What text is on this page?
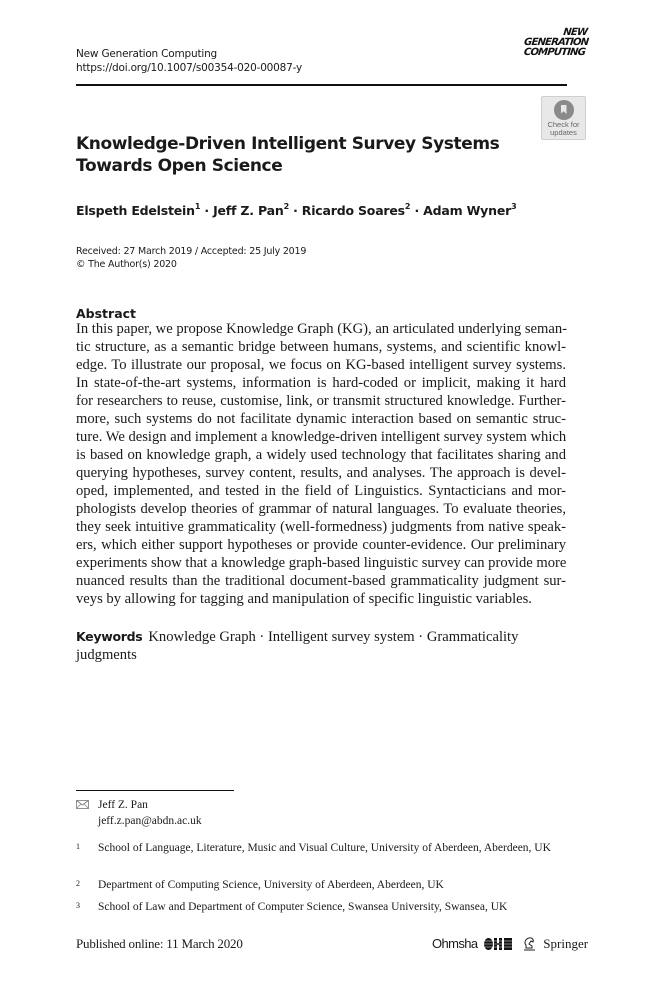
New Generation Computing
https://doi.org/10.1007/s00354-020-00087-y
NEW
GENERATION
COMPUTING
Check for
updates
Knowledge-Driven Intelligent Survey Systems Towards Open Science
Elspeth Edelstein$^1$ · Jeff Z. Pan$^2$ · Ricardo Soares$^2$ · Adam Wyner$^3$
Received: 27 March 2019 / Accepted: 25 July 2019
© The Author(s) 2020
Abstract
In this paper, we propose Knowledge Graph (KG), an articulated underlying seman-
tic structure, as a semantic bridge between humans, systems, and scientific knowl-
edge. To illustrate our proposal, we focus on KG-based intelligent survey systems.
In state-of-the-art systems, information is hard-coded or implicit, making it hard
for researchers to reuse, customise, link, or transmit structured knowledge. Further-
more, such systems do not facilitate dynamic interaction based on semantic struc-
ture. We design and implement a knowledge-driven intelligent survey system which
is based on knowledge graph, a widely used technology that facilitates sharing and
querying hypotheses, survey content, results, and analyses. The approach is devel-
oped, implemented, and tested in the field of Linguistics. Syntacticians and mor-
phologists develop theories of grammar of natural languages. To evaluate theories,
they seek intuitive grammaticality (well-formedness) judgments from native speak-
ers, which either support hypotheses or provide counter-evidence. Our preliminary
experiments show that a knowledge graph-based linguistic survey can provide more
nuanced results than the traditional document-based grammaticality judgment sur-
veys by allowing for tagging and manipulation of specific linguistic variables.
Keywords Knowledge Graph · Intelligent survey system · Grammaticality judgments
Jeff Z. Pan
jeff.z.pan@abdn.ac.uk
1 School of Language, Literature, Music and Visual Culture, University of Aberdeen, Aberdeen, UK
2 Department of Computing Science, University of Aberdeen, Aberdeen, UK
3 School of Law and Department of Computer Science, Swansea University, Swansea, UK
Published online: 11 March 2020	Ohmsha	Springer
